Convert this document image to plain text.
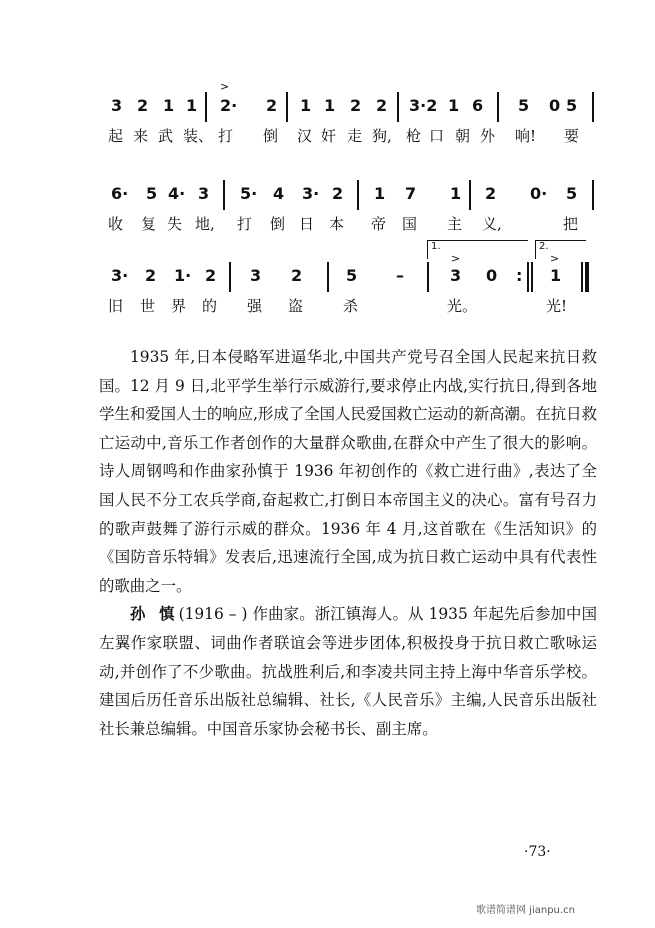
3 2 1 1
>
2· 2 1 1 2 2 3·2 1 6 5 0 5
起 来 武 装、 打 倒 汉 奸 走 狗, 枪 口 朝 外 响! 要
6· 5 4· 3 5· 4 3· 2 1 7 1 2 0· 5
收 复 失 地, 打 倒 日 本 帝 国 主 义,	把
1.	2.
3· 2 1· 2 3 2	5 –
>
3 0 :
>
1
旧 世 界 的 强 盗	杀	光。	光!

1935 年,日本侵略军进逼华北,中国共产党号召全国人民起来抗日救国。12 月 9 日,北平学生举行示威游行,要求停止内战,实行抗日,得到各地学生和爱国人士的响应,形成了全国人民爱国救亡运动的新高潮。在抗日救亡运动中,音乐工作者创作的大量群众歌曲,在群众中产生了很大的影响。诗人周钢鸣和作曲家孙慎于 1936 年初创作的《救亡进行曲》,表达了全国人民不分工农兵学商,奋起救亡,打倒日本帝国主义的决心。富有号召力的歌声鼓舞了游行示威的群众。1936 年 4 月,这首歌在《生活知识》的《国防音乐特辑》发表后,迅速流行全国,成为抗日救亡运动中具有代表性的歌曲之一。

孙 慎(1916 – ) 作曲家。浙江镇海人。从 1935 年起先后参加中国左翼作家联盟、词曲作者联谊会等进步团体,积极投身于抗日救亡歌咏运动,并创作了不少歌曲。抗战胜利后,和李凌共同主持上海中华音乐学校。建国后历任音乐出版社总编辑、社长,《人民音乐》主编,人民音乐出版社社长兼总编辑。中国音乐家协会秘书长、副主席。

·73·
歌谱简谱网 jianpu.cn
